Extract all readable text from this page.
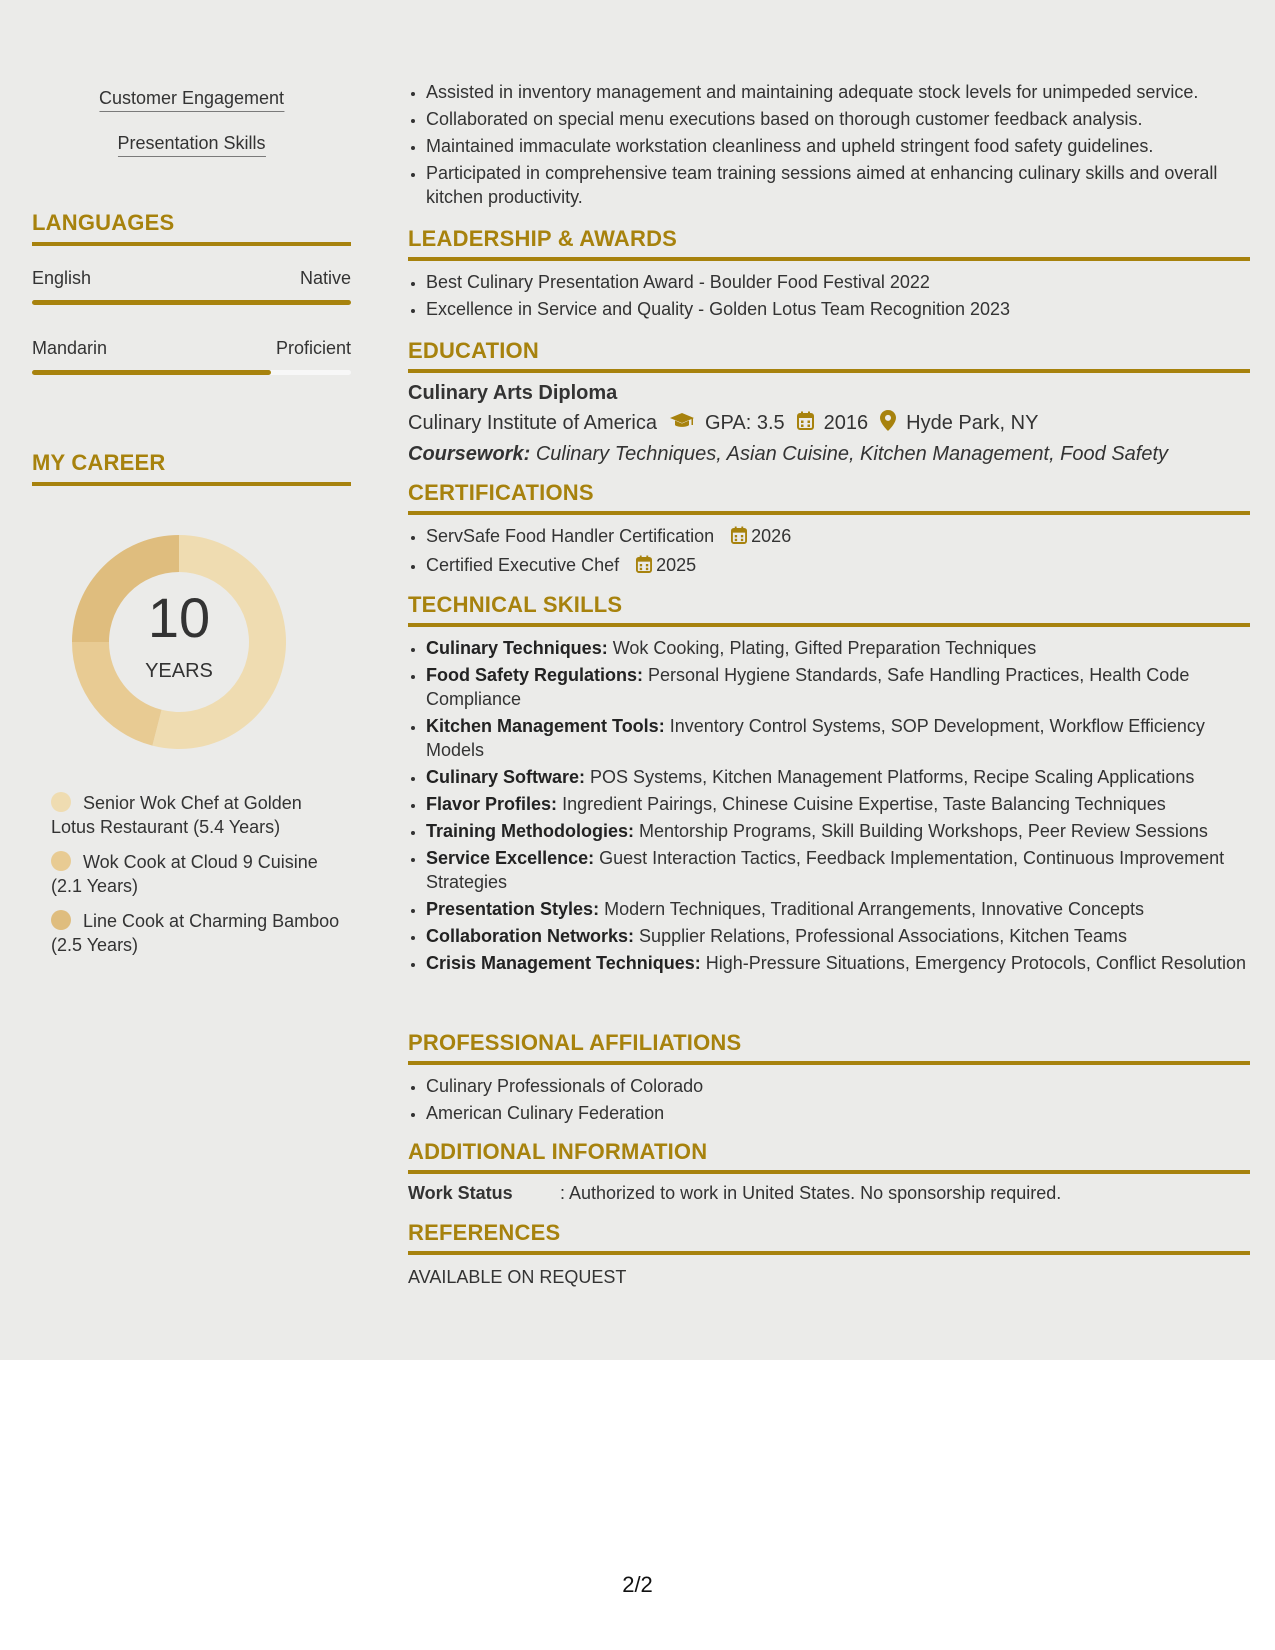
Customer Engagement
Presentation Skills
LANGUAGES
English	Native
Mandarin	Proficient
MY CAREER
10
YEARS
Senior Wok Chef at Golden Lotus Restaurant (5.4 Years)
Wok Cook at Cloud 9 Cuisine (2.1 Years)
Line Cook at Charming Bamboo (2.5 Years)
• Assisted in inventory management and maintaining adequate stock levels for unimpeded service.
• Collaborated on special menu executions based on thorough customer feedback analysis.
• Maintained immaculate workstation cleanliness and upheld stringent food safety guidelines.
• Participated in comprehensive team training sessions aimed at enhancing culinary skills and overall kitchen productivity.
LEADERSHIP & AWARDS
• Best Culinary Presentation Award - Boulder Food Festival 2022
• Excellence in Service and Quality - Golden Lotus Team Recognition 2023
EDUCATION
Culinary Arts Diploma
Culinary Institute of America GPA: 3.5 2016 Hyde Park, NY
Coursework: Culinary Techniques, Asian Cuisine, Kitchen Management, Food Safety
CERTIFICATIONS
• ServSafe Food Handler Certification 2026
• Certified Executive Chef 2025
TECHNICAL SKILLS
• Culinary Techniques: Wok Cooking, Plating, Gifted Preparation Techniques
• Food Safety Regulations: Personal Hygiene Standards, Safe Handling Practices, Health Code Compliance
• Kitchen Management Tools: Inventory Control Systems, SOP Development, Workflow Efficiency Models
• Culinary Software: POS Systems, Kitchen Management Platforms, Recipe Scaling Applications
• Flavor Profiles: Ingredient Pairings, Chinese Cuisine Expertise, Taste Balancing Techniques
• Training Methodologies: Mentorship Programs, Skill Building Workshops, Peer Review Sessions
• Service Excellence: Guest Interaction Tactics, Feedback Implementation, Continuous Improvement Strategies
• Presentation Styles: Modern Techniques, Traditional Arrangements, Innovative Concepts
• Collaboration Networks: Supplier Relations, Professional Associations, Kitchen Teams
• Crisis Management Techniques: High-Pressure Situations, Emergency Protocols, Conflict Resolution
PROFESSIONAL AFFILIATIONS
• Culinary Professionals of Colorado
• American Culinary Federation
ADDITIONAL INFORMATION
Work Status	: Authorized to work in United States. No sponsorship required.
REFERENCES
AVAILABLE ON REQUEST
2/2
